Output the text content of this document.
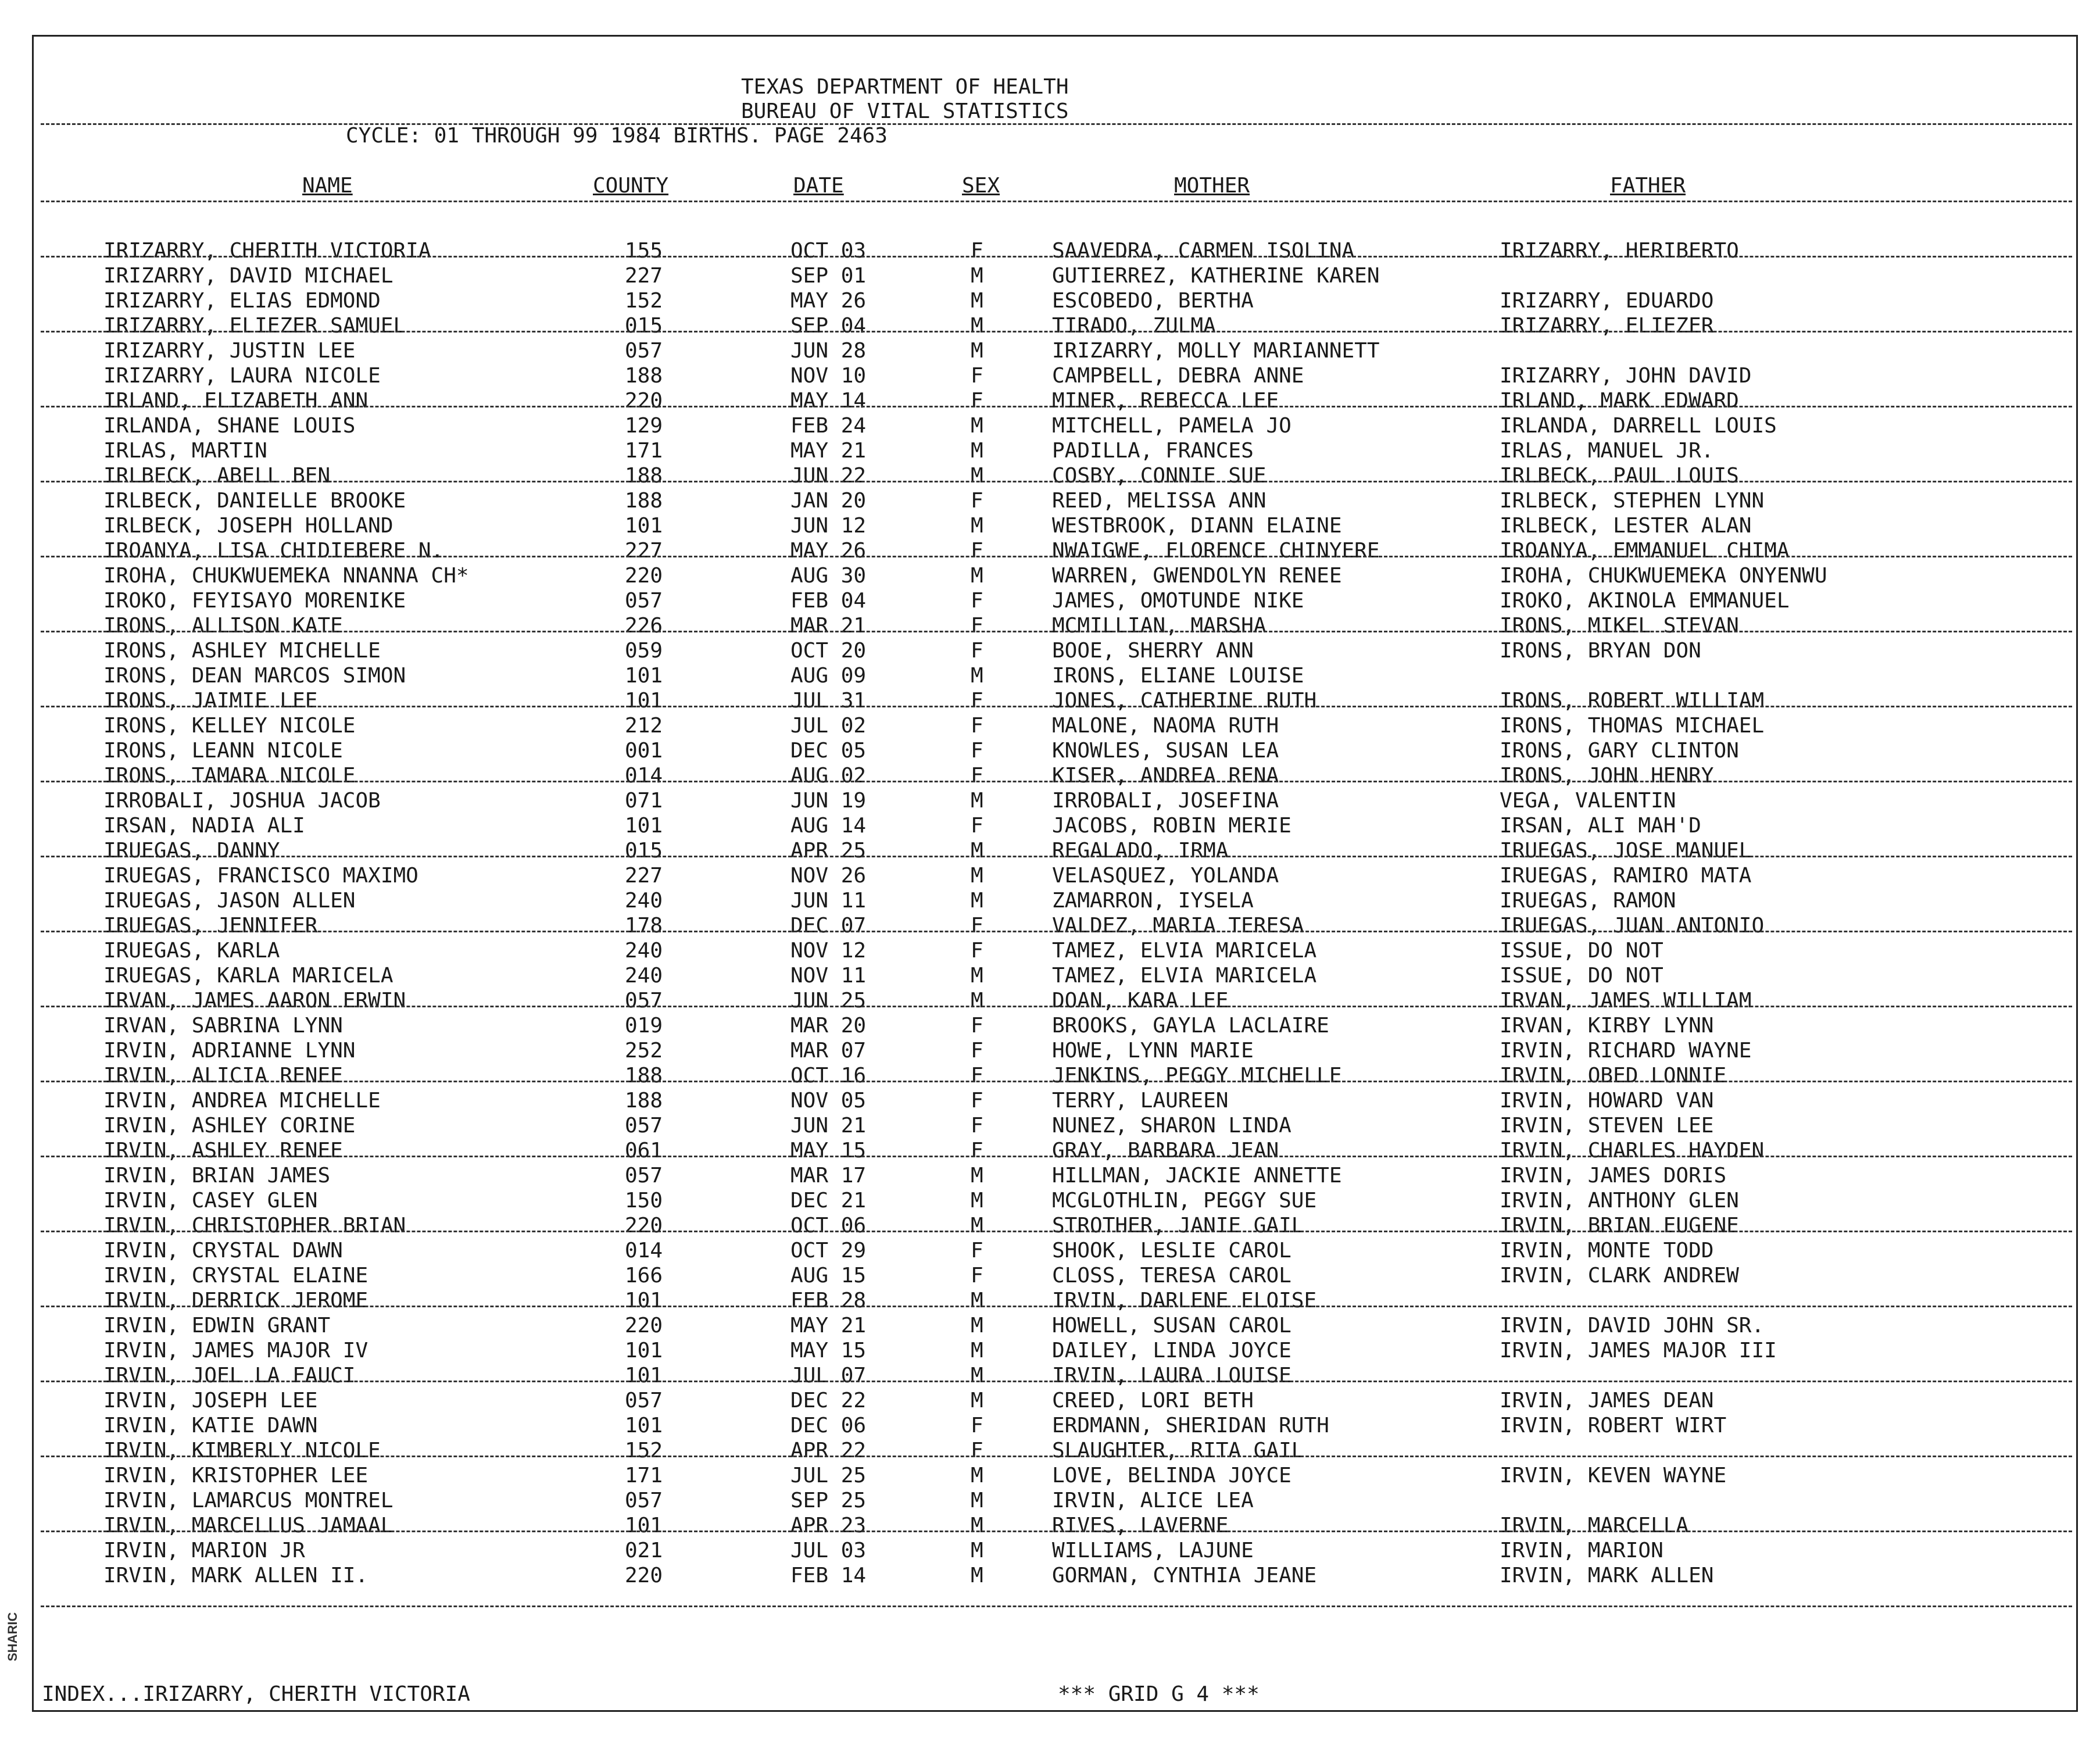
SHARIC
TEXAS DEPARTMENT OF HEALTH
BUREAU OF VITAL STATISTICS
CYCLE: 01 THROUGH 99 1984 BIRTHS. PAGE 2463
NAME	COUNTY	DATE	SEX	MOTHER	FATHER
IRIZARRY, CHERITH VICTORIA	155	OCT 03	F	SAAVEDRA, CARMEN ISOLINA	IRIZARRY, HERIBERTO
IRIZARRY, DAVID MICHAEL	227	SEP 01	M	GUTIERREZ, KATHERINE KAREN
IRIZARRY, ELIAS EDMOND	152	MAY 26	M	ESCOBEDO, BERTHA	IRIZARRY, EDUARDO
IRIZARRY, ELIEZER SAMUEL	015	SEP 04	M	TIRADO, ZULMA	IRIZARRY, ELIEZER
IRIZARRY, JUSTIN LEE	057	JUN 28	M	IRIZARRY, MOLLY MARIANNETT
IRIZARRY, LAURA NICOLE	188	NOV 10	F	CAMPBELL, DEBRA ANNE	IRIZARRY, JOHN DAVID
IRLAND, ELIZABETH ANN	220	MAY 14	F	MINER, REBECCA LEE	IRLAND, MARK EDWARD
IRLANDA, SHANE LOUIS	129	FEB 24	M	MITCHELL, PAMELA JO	IRLANDA, DARRELL LOUIS
IRLAS, MARTIN	171	MAY 21	M	PADILLA, FRANCES	IRLAS, MANUEL JR.
IRLBECK, ABELL BEN	188	JUN 22	M	COSBY, CONNIE SUE	IRLBECK, PAUL LOUIS
IRLBECK, DANIELLE BROOKE	188	JAN 20	F	REED, MELISSA ANN	IRLBECK, STEPHEN LYNN
IRLBECK, JOSEPH HOLLAND	101	JUN 12	M	WESTBROOK, DIANN ELAINE	IRLBECK, LESTER ALAN
IROANYA, LISA CHIDIEBERE N.	227	MAY 26	F	NWAIGWE, FLORENCE CHINYERE	IROANYA, EMMANUEL CHIMA
IROHA, CHUKWUEMEKA NNANNA CH*	220	AUG 30	M	WARREN, GWENDOLYN RENEE	IROHA, CHUKWUEMEKA ONYENWU
IROKO, FEYISAYO MORENIKE	057	FEB 04	F	JAMES, OMOTUNDE NIKE	IROKO, AKINOLA EMMANUEL
IRONS, ALLISON KATE	226	MAR 21	F	MCMILLIAN, MARSHA	IRONS, MIKEL STEVAN
IRONS, ASHLEY MICHELLE	059	OCT 20	F	BOOE, SHERRY ANN	IRONS, BRYAN DON
IRONS, DEAN MARCOS SIMON	101	AUG 09	M	IRONS, ELIANE LOUISE
IRONS, JAIMIE LEE	101	JUL 31	F	JONES, CATHERINE RUTH	IRONS, ROBERT WILLIAM
IRONS, KELLEY NICOLE	212	JUL 02	F	MALONE, NAOMA RUTH	IRONS, THOMAS MICHAEL
IRONS, LEANN NICOLE	001	DEC 05	F	KNOWLES, SUSAN LEA	IRONS, GARY CLINTON
IRONS, TAMARA NICOLE	014	AUG 02	F	KISER, ANDREA RENA	IRONS, JOHN HENRY
IRROBALI, JOSHUA JACOB	071	JUN 19	M	IRROBALI, JOSEFINA	VEGA, VALENTIN
IRSAN, NADIA ALI	101	AUG 14	F	JACOBS, ROBIN MERIE	IRSAN, ALI MAH'D
IRUEGAS, DANNY	015	APR 25	M	REGALADO, IRMA	IRUEGAS, JOSE MANUEL
IRUEGAS, FRANCISCO MAXIMO	227	NOV 26	M	VELASQUEZ, YOLANDA	IRUEGAS, RAMIRO MATA
IRUEGAS, JASON ALLEN	240	JUN 11	M	ZAMARRON, IYSELA	IRUEGAS, RAMON
IRUEGAS, JENNIFER	178	DEC 07	F	VALDEZ, MARIA TERESA	IRUEGAS, JUAN ANTONIO
IRUEGAS, KARLA	240	NOV 12	F	TAMEZ, ELVIA MARICELA	ISSUE, DO NOT
IRUEGAS, KARLA MARICELA	240	NOV 11	M	TAMEZ, ELVIA MARICELA	ISSUE, DO NOT
IRVAN, JAMES AARON ERWIN	057	JUN 25	M	DOAN, KARA LEE	IRVAN, JAMES WILLIAM
IRVAN, SABRINA LYNN	019	MAR 20	F	BROOKS, GAYLA LACLAIRE	IRVAN, KIRBY LYNN
IRVIN, ADRIANNE LYNN	252	MAR 07	F	HOWE, LYNN MARIE	IRVIN, RICHARD WAYNE
IRVIN, ALICIA RENEE	188	OCT 16	F	JENKINS, PEGGY MICHELLE	IRVIN, OBED LONNIE
IRVIN, ANDREA MICHELLE	188	NOV 05	F	TERRY, LAUREEN	IRVIN, HOWARD VAN
IRVIN, ASHLEY CORINE	057	JUN 21	F	NUNEZ, SHARON LINDA	IRVIN, STEVEN LEE
IRVIN, ASHLEY RENEE	061	MAY 15	F	GRAY, BARBARA JEAN	IRVIN, CHARLES HAYDEN
IRVIN, BRIAN JAMES	057	MAR 17	M	HILLMAN, JACKIE ANNETTE	IRVIN, JAMES DORIS
IRVIN, CASEY GLEN	150	DEC 21	M	MCGLOTHLIN, PEGGY SUE	IRVIN, ANTHONY GLEN
IRVIN, CHRISTOPHER BRIAN	220	OCT 06	M	STROTHER, JANIE GAIL	IRVIN, BRIAN EUGENE
IRVIN, CRYSTAL DAWN	014	OCT 29	F	SHOOK, LESLIE CAROL	IRVIN, MONTE TODD
IRVIN, CRYSTAL ELAINE	166	AUG 15	F	CLOSS, TERESA CAROL	IRVIN, CLARK ANDREW
IRVIN, DERRICK JEROME	101	FEB 28	M	IRVIN, DARLENE ELOISE
IRVIN, EDWIN GRANT	220	MAY 21	M	HOWELL, SUSAN CAROL	IRVIN, DAVID JOHN SR.
IRVIN, JAMES MAJOR IV	101	MAY 15	M	DAILEY, LINDA JOYCE	IRVIN, JAMES MAJOR III
IRVIN, JOEL LA FAUCI	101	JUL 07	M	IRVIN, LAURA LOUISE
IRVIN, JOSEPH LEE	057	DEC 22	M	CREED, LORI BETH	IRVIN, JAMES DEAN
IRVIN, KATIE DAWN	101	DEC 06	F	ERDMANN, SHERIDAN RUTH	IRVIN, ROBERT WIRT
IRVIN, KIMBERLY NICOLE	152	APR 22	F	SLAUGHTER, RITA GAIL
IRVIN, KRISTOPHER LEE	171	JUL 25	M	LOVE, BELINDA JOYCE	IRVIN, KEVEN WAYNE
IRVIN, LAMARCUS MONTREL	057	SEP 25	M	IRVIN, ALICE LEA
IRVIN, MARCELLUS JAMAAL	101	APR 23	M	RIVES, LAVERNE	IRVIN, MARCELLA
IRVIN, MARION JR	021	JUL 03	M	WILLIAMS, LAJUNE	IRVIN, MARION
IRVIN, MARK ALLEN II.	220	FEB 14	M	GORMAN, CYNTHIA JEANE	IRVIN, MARK ALLEN
INDEX...IRIZARRY, CHERITH VICTORIA	*** GRID G 4 ***
